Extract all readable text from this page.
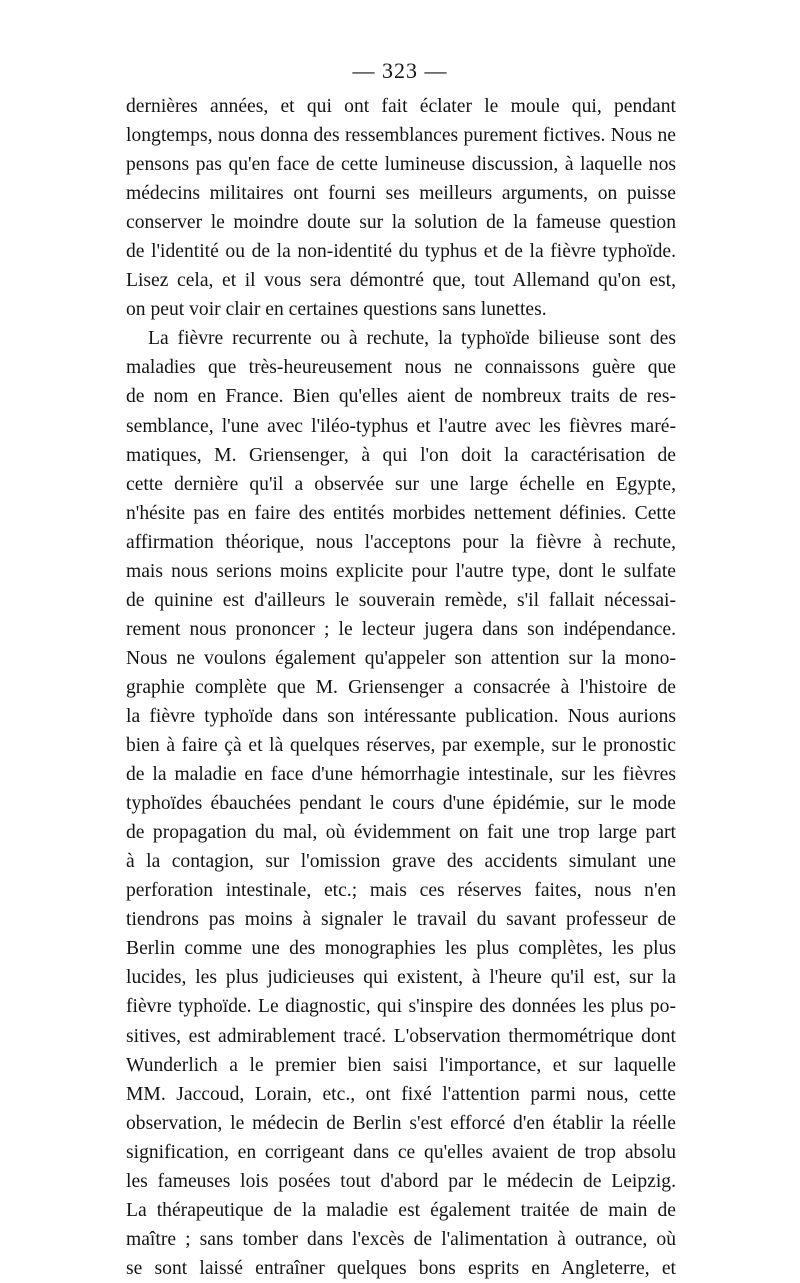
— 323 —
dernières années, et qui ont fait éclater le moule qui, pendant
longtemps, nous donna des ressemblances purement fictives. Nous ne
pensons pas qu'en face de cette lumineuse discussion, à laquelle nos
médecins militaires ont fourni ses meilleurs arguments, on puisse
conserver le moindre doute sur la solution de la fameuse question
de l'identité ou de la non-identité du typhus et de la fièvre typhoïde.
Lisez cela, et il vous sera démontré que, tout Allemand qu'on est,
on peut voir clair en certaines questions sans lunettes.
La fièvre recurrente ou à rechute, la typhoïde bilieuse sont des
maladies que très-heureusement nous ne connaissons guère que
de nom en France. Bien qu'elles aient de nombreux traits de res-
semblance, l'une avec l'iléo-typhus et l'autre avec les fièvres maré-
matiques, M. Griensenger, à qui l'on doit la caractérisation de
cette dernière qu'il a observée sur une large échelle en Egypte,
n'hésite pas en faire des entités morbides nettement définies. Cette
affirmation théorique, nous l'acceptons pour la fièvre à rechute,
mais nous serions moins explicite pour l'autre type, dont le sulfate
de quinine est d'ailleurs le souverain remède, s'il fallait nécessai-
rement nous prononcer ; le lecteur jugera dans son indépendance.
Nous ne voulons également qu'appeler son attention sur la mono-
graphie complète que M. Griensenger a consacrée à l'histoire de
la fièvre typhoïde dans son intéressante publication. Nous aurions
bien à faire çà et là quelques réserves, par exemple, sur le pronostic
de la maladie en face d'une hémorrhagie intestinale, sur les fièvres
typhoïdes ébauchées pendant le cours d'une épidémie, sur le mode
de propagation du mal, où évidemment on fait une trop large part
à la contagion, sur l'omission grave des accidents simulant une
perforation intestinale, etc.; mais ces réserves faites, nous n'en
tiendrons pas moins à signaler le travail du savant professeur de
Berlin comme une des monographies les plus complètes, les plus
lucides, les plus judicieuses qui existent, à l'heure qu'il est, sur la
fièvre typhoïde. Le diagnostic, qui s'inspire des données les plus po-
sitives, est admirablement tracé. L'observation thermométrique dont
Wunderlich a le premier bien saisi l'importance, et sur laquelle
MM. Jaccoud, Lorain, etc., ont fixé l'attention parmi nous, cette
observation, le médecin de Berlin s'est efforcé d'en établir la réelle
signification, en corrigeant dans ce qu'elles avaient de trop absolu
les fameuses lois posées tout d'abord par le médecin de Leipzig.
La thérapeutique de la maladie est également traitée de main de
maître ; sans tomber dans l'excès de l'alimentation à outrance, où
se sont laissé entraîner quelques bons esprits en Angleterre, et
